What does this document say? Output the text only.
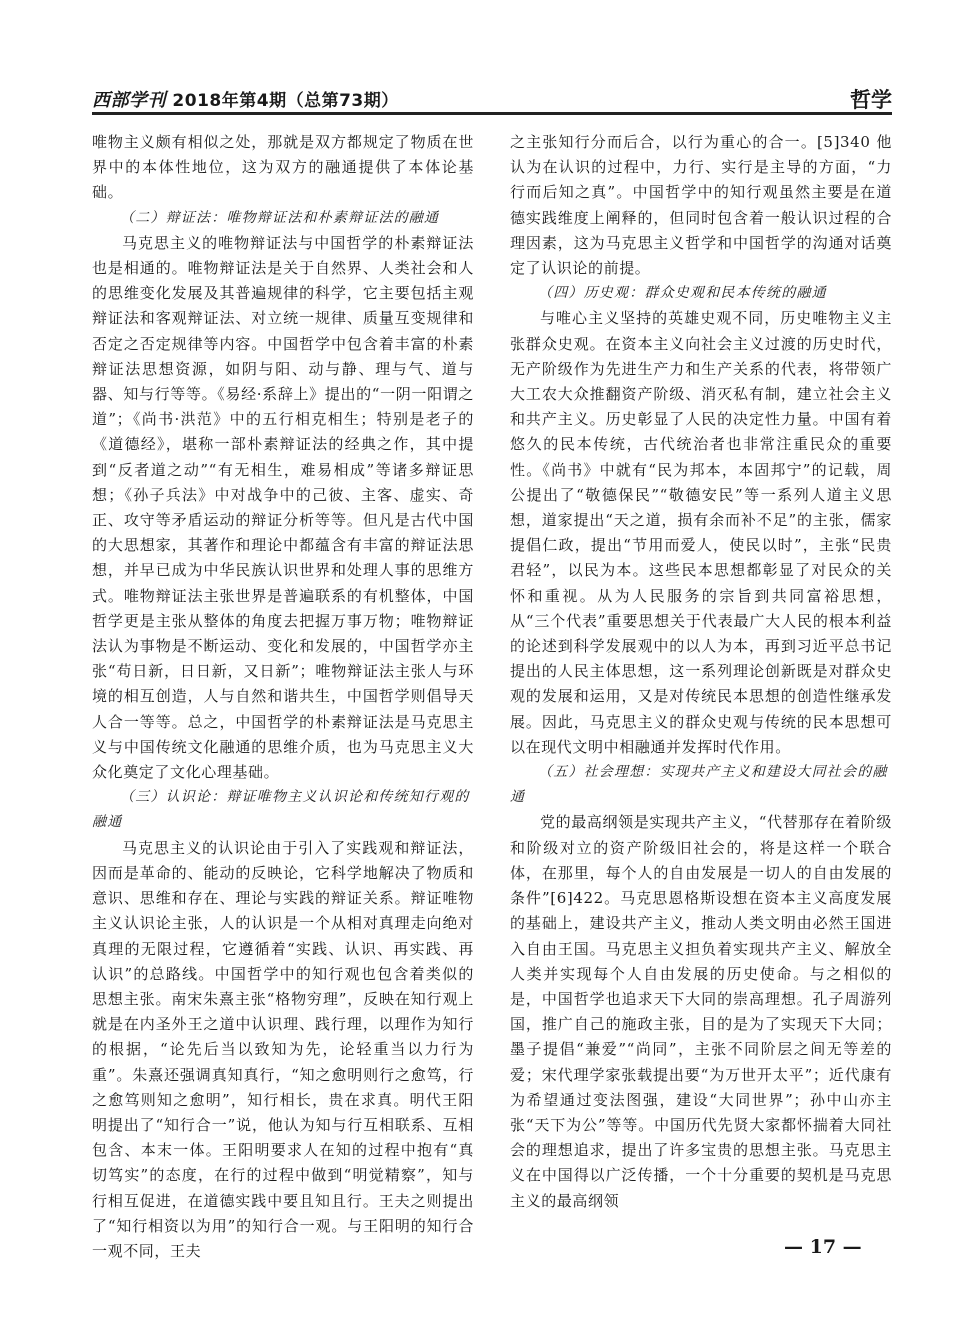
西部学刊 2018年第4期（总第73期）	哲学

唯物主义颇有相似之处，那就是双方都规定了物质在世界中的本体性地位，这为双方的融通提供了本体论基础。

（二）辩证法：唯物辩证法和朴素辩证法的融通

马克思主义的唯物辩证法与中国哲学的朴素辩证法也是相通的。唯物辩证法是关于自然界、人类社会和人的思维变化发展及其普遍规律的科学，它主要包括主观辩证法和客观辩证法、对立统一规律、质量互变规律和否定之否定规律等内容。中国哲学中包含着丰富的朴素辩证法思想资源，如阴与阳、动与静、理与气、道与器、知与行等等。《易经·系辞上》提出的“一阴一阳谓之道”；《尚书·洪范》中的五行相克相生；特别是老子的《道德经》，堪称一部朴素辩证法的经典之作，其中提到“反者道之动”“有无相生，难易相成”等诸多辩证思想；《孙子兵法》中对战争中的己彼、主客、虚实、奇正、攻守等矛盾运动的辩证分析等等。但凡是古代中国的大思想家，其著作和理论中都蕴含有丰富的辩证法思想，并早已成为中华民族认识世界和处理人事的思维方式。唯物辩证法主张世界是普遍联系的有机整体，中国哲学更是主张从整体的角度去把握万事万物；唯物辩证法认为事物是不断运动、变化和发展的，中国哲学亦主张“苟日新，日日新，又日新”；唯物辩证法主张人与环境的相互创造，人与自然和谐共生，中国哲学则倡导天人合一等等。总之，中国哲学的朴素辩证法是马克思主义与中国传统文化融通的思维介质，也为马克思主义大众化奠定了文化心理基础。

（三）认识论：辩证唯物主义认识论和传统知行观的融通

马克思主义的认识论由于引入了实践观和辩证法，因而是革命的、能动的反映论，它科学地解决了物质和意识、思维和存在、理论与实践的辩证关系。辩证唯物主义认识论主张，人的认识是一个从相对真理走向绝对真理的无限过程，它遵循着“实践、认识、再实践、再认识”的总路线。中国哲学中的知行观也包含着类似的思想主张。南宋朱熹主张“格物穷理”，反映在知行观上就是在内圣外王之道中认识理、践行理，以理作为知行的根据，“论先后当以致知为先，论轻重当以力行为重”。朱熹还强调真知真行，“知之愈明则行之愈笃，行之愈笃则知之愈明”，知行相长，贵在求真。明代王阳明提出了“知行合一”说，他认为知与行互相联系、互相包含、本末一体。王阳明要求人在知的过程中抱有“真切笃实”的态度，在行的过程中做到“明觉精察”，知与行相互促进，在道德实践中要且知且行。王夫之则提出了“知行相资以为用”的知行合一观。与王阳明的知行合一观不同，王夫

之主张知行分而后合，以行为重心的合一。[5]340 他认为在认识的过程中，力行、实行是主导的方面，“力行而后知之真”。中国哲学中的知行观虽然主要是在道德实践维度上阐释的，但同时包含着一般认识过程的合理因素，这为马克思主义哲学和中国哲学的沟通对话奠定了认识论的前提。

（四）历史观：群众史观和民本传统的融通

与唯心主义坚持的英雄史观不同，历史唯物主义主张群众史观。在资本主义向社会主义过渡的历史时代，无产阶级作为先进生产力和生产关系的代表，将带领广大工农大众推翻资产阶级、消灭私有制，建立社会主义和共产主义。历史彰显了人民的决定性力量。中国有着悠久的民本传统，古代统治者也非常注重民众的重要性。《尚书》中就有“民为邦本，本固邦宁”的记载，周公提出了“敬德保民”“敬德安民”等一系列人道主义思想，道家提出“天之道，损有余而补不足”的主张，儒家提倡仁政，提出“节用而爱人，使民以时”，主张“民贵君轻”，以民为本。这些民本思想都彰显了对民众的关怀和重视。从为人民服务的宗旨到共同富裕思想，从“三个代表”重要思想关于代表最广大人民的根本利益的论述到科学发展观中的以人为本，再到习近平总书记提出的人民主体思想，这一系列理论创新既是对群众史观的发展和运用，又是对传统民本思想的创造性继承发展。因此，马克思主义的群众史观与传统的民本思想可以在现代文明中相融通并发挥时代作用。

（五）社会理想：实现共产主义和建设大同社会的融通

党的最高纲领是实现共产主义，“代替那存在着阶级和阶级对立的资产阶级旧社会的，将是这样一个联合体，在那里，每个人的自由发展是一切人的自由发展的条件”[6]422。马克思恩格斯设想在资本主义高度发展的基础上，建设共产主义，推动人类文明由必然王国进入自由王国。马克思主义担负着实现共产主义、解放全人类并实现每个人自由发展的历史使命。与之相似的是，中国哲学也追求天下大同的崇高理想。孔子周游列国，推广自己的施政主张，目的是为了实现天下大同；墨子提倡“兼爱”“尚同”，主张不同阶层之间无等差的爱；宋代理学家张载提出要“为万世开太平”；近代康有为希望通过变法图强，建设“大同世界”；孙中山亦主张“天下为公”等等。中国历代先贤大家都怀揣着大同社会的理想追求，提出了许多宝贵的思想主张。马克思主义在中国得以广泛传播，一个十分重要的契机是马克思主义的最高纲领

— 17 —
